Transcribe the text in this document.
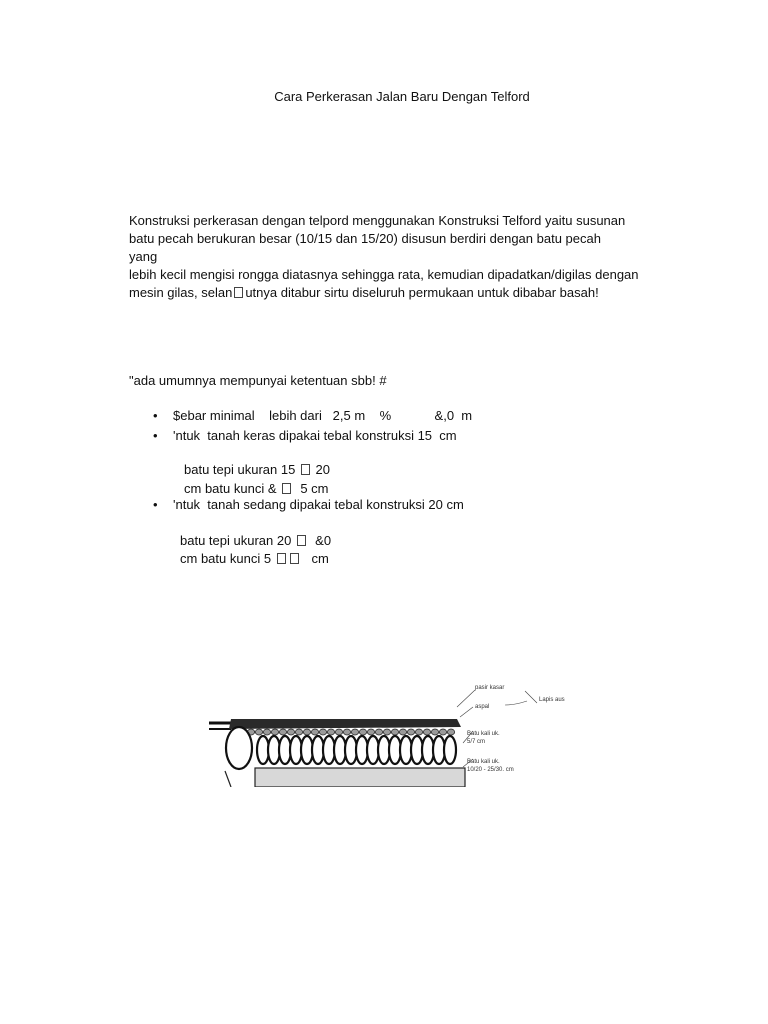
Cara Perkerasan Jalan Baru Dengan Telford
Konstruksi perkerasan dengan telpord menggunakan Konstruksi Telford yaitu susunan
batu pecah berukuran besar (10/15 dan 15/20) disusun berdiri dengan batu pecah
yang
lebih kecil mengisi rongga diatasnya sehingga rata, kemudian dipadatkan/digilas dengan
mesin gilas, selan utnya ditabur sirtu diseluruh permukaan untuk dibabar basah!
"ada umumnya mempunyai ketentuan sbb! #
• $ebar minimal    lebih dari   2,5 m    %            &,0  m
• 'ntuk  tanah keras dipakai tebal konstruksi 15  cm
batu tepi ukuran 15  20
cm batu kunci &   5 cm
• 'ntuk  tanah sedang dipakai tebal konstruksi 20 cm
batu tepi ukuran 20   &0
cm batu kunci 5    cm
pasir kasar
Lapis aus
aspal
Batu kali uk.
5/7 cm
Batu kali uk.
10/20 - 25/30. cm
